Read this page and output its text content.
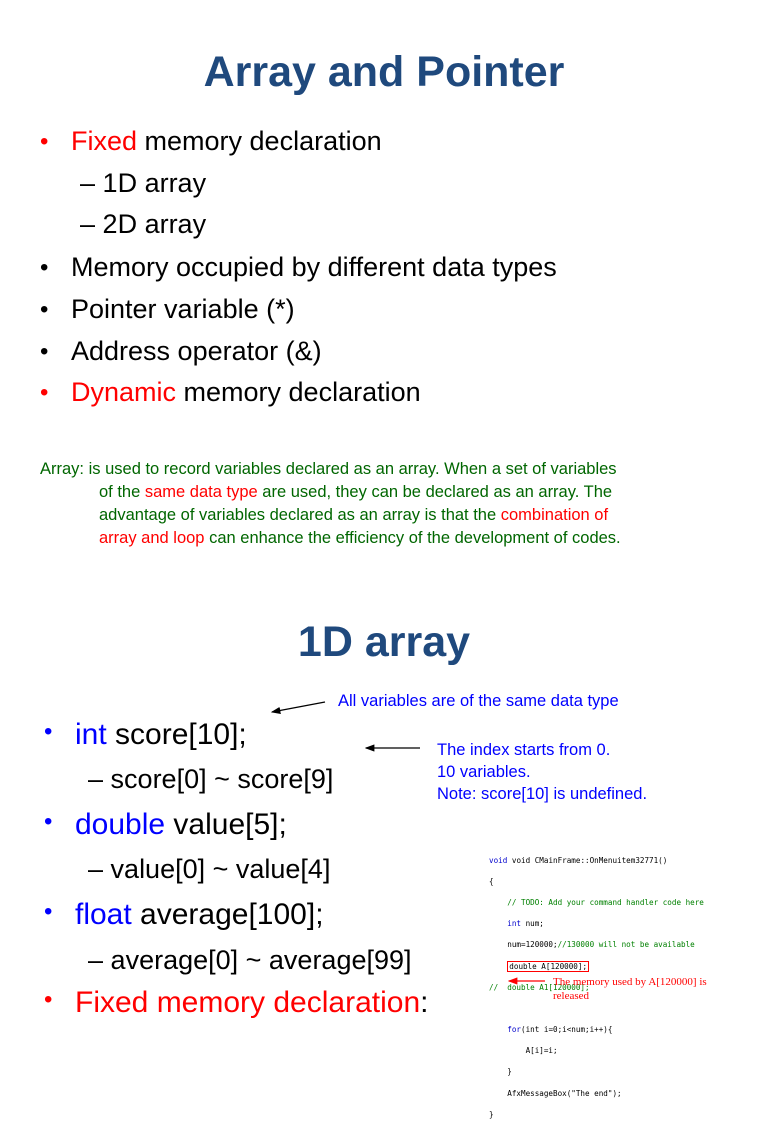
Array and Pointer
• Fixed memory declaration
– 1D array
– 2D array
• Memory occupied by different data types
• Pointer variable (*)
• Address operator (&)
• Dynamic memory declaration
Array: is used to record variables declared as an array. When a set of variables
of the same data type are used, they can be declared as an array. The
advantage of variables declared as an array is that the combination of
array and loop can enhance the efficiency of the development of codes.
1D array
All variables are of the same data type
The index starts from 0.
10 variables.
Note: score[10] is undefined.
• int score[10];
– score[0] ~ score[9]
• double value[5];
– value[0] ~ value[4]
• float average[100];
– average[0] ~ average[99]
• Fixed memory declaration:

void void CMainFrame::OnMenuitem32771()

{

// TODO: Add your command handler code here

int num;

num=120000;//130000 will not be available

double A[120000];

//  double A1[120000];

for(int i=0;i<num;i++){

A[i]=i;

}

AfxMessageBox("The end");

}

The memory used by A[120000] is
released
